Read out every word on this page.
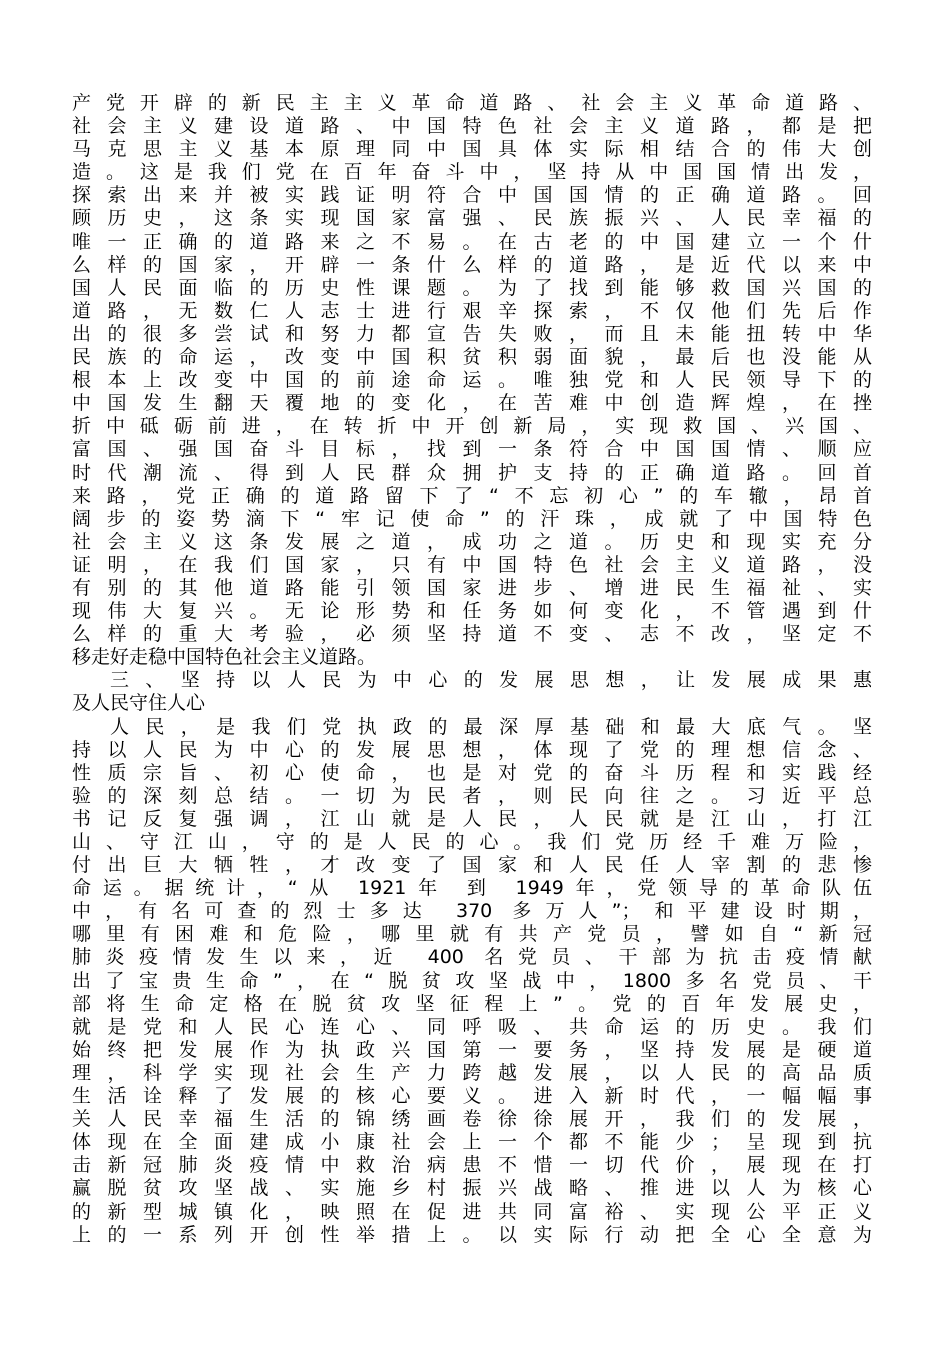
产党开辟的新民主主义革命道路、社会主义革命道路、
社会主义建设道路、中国特色社会主义道路，都是把
马克思主义基本原理同中国具体实际相结合的伟大创
造。这是我们党在百年奋斗中，坚持从中国国情出发，
探索出来并被实践证明符合中国国情的正确道路。回
顾历史，这条实现国家富强、民族振兴、人民幸福的
唯一正确的道路来之不易。在古老的中国建立一个什
么样的国家，开辟一条什么样的道路，是近代以来中
国人民面临的历史性课题。为了找到能够救国兴国的
道路，无数仁人志士进行艰辛探索，不仅他们先后作
出的很多尝试和努力都宣告失败，而且未能扭转中华
民族的命运，改变中国积贫积弱面貌，最后也没能从
根本上改变中国的前途命运。唯独党和人民领导下的
中国发生翻天覆地的变化，在苦难中创造辉煌，在挫
折中砥砺前进，在转折中开创新局，实现救国、兴国、
富国、强国奋斗目标，找到一条符合中国国情、顺应
时代潮流、得到人民群众拥护支持的正确道路。回首
来路，党正确的道路留下了“不忘初心”的车辙，昂首
阔步的姿势滴下“牢记使命”的汗珠，成就了中国特色
社会主义这条发展之道，成功之道。历史和现实充分
证明，在我们国家，只有中国特色社会主义道路，没
有别的其他道路能引领国家进步、增进民生福祉、实
现伟大复兴。无论形势和任务如何变化，不管遇到什
么样的重大考验，必须坚持道不变、志不改，坚定不
移走好走稳中国特色社会主义道路。
三、坚持以人民为中心的发展思想，让发展成果惠
及人民守住人心
人民，是我们党执政的最深厚基础和最大底气。坚
持以人民为中心的发展思想，体现了党的理想信念、
性质宗旨、初心使命，也是对党的奋斗历程和实践经
验的深刻总结。一切为民者，则民向往之。习近平总
书记反复强调，江山就是人民，人民就是江山，打江
山、守江山，守的是人民的心。我们党历经千难万险，
付出巨大牺牲，才改变了国家和人民任人宰割的悲惨
命运。据统计，“从 1921年 到 1949年，党领导的革命队伍
中，有名可查的烈士多达 370 多万人”；和平建设时期，
哪里有困难和危险，哪里就有共产党员，譬如自“新冠
肺炎疫情发生以来，近 400 名党员、干部为抗击疫情献
出了宝贵生命”，在“脱贫攻坚战中，1800多名党员、干
部将生命定格在脱贫攻坚征程上”。党的百年发展史，
就是党和人民心连心、同呼吸、共命运的历史。我们
始终把发展作为执政兴国第一要务，坚持发展是硬道
理，科学实现社会生产力跨越发展，以人民的高品质
生活诠释了发展的核心要义。进入新时代，一幅幅事
关人民幸福生活的锦绣画卷徐徐展开，我们的发展，
体现在全面建成小康社会上一个都不能少；呈现到抗
击新冠肺炎疫情中救治病患不惜一切代价，展现在打
赢脱贫攻坚战、实施乡村振兴战略、推进以人为核心
的新型城镇化，映照在促进共同富裕、实现公平正义
上的一系列开创性举措上。以实际行动把全心全意为
